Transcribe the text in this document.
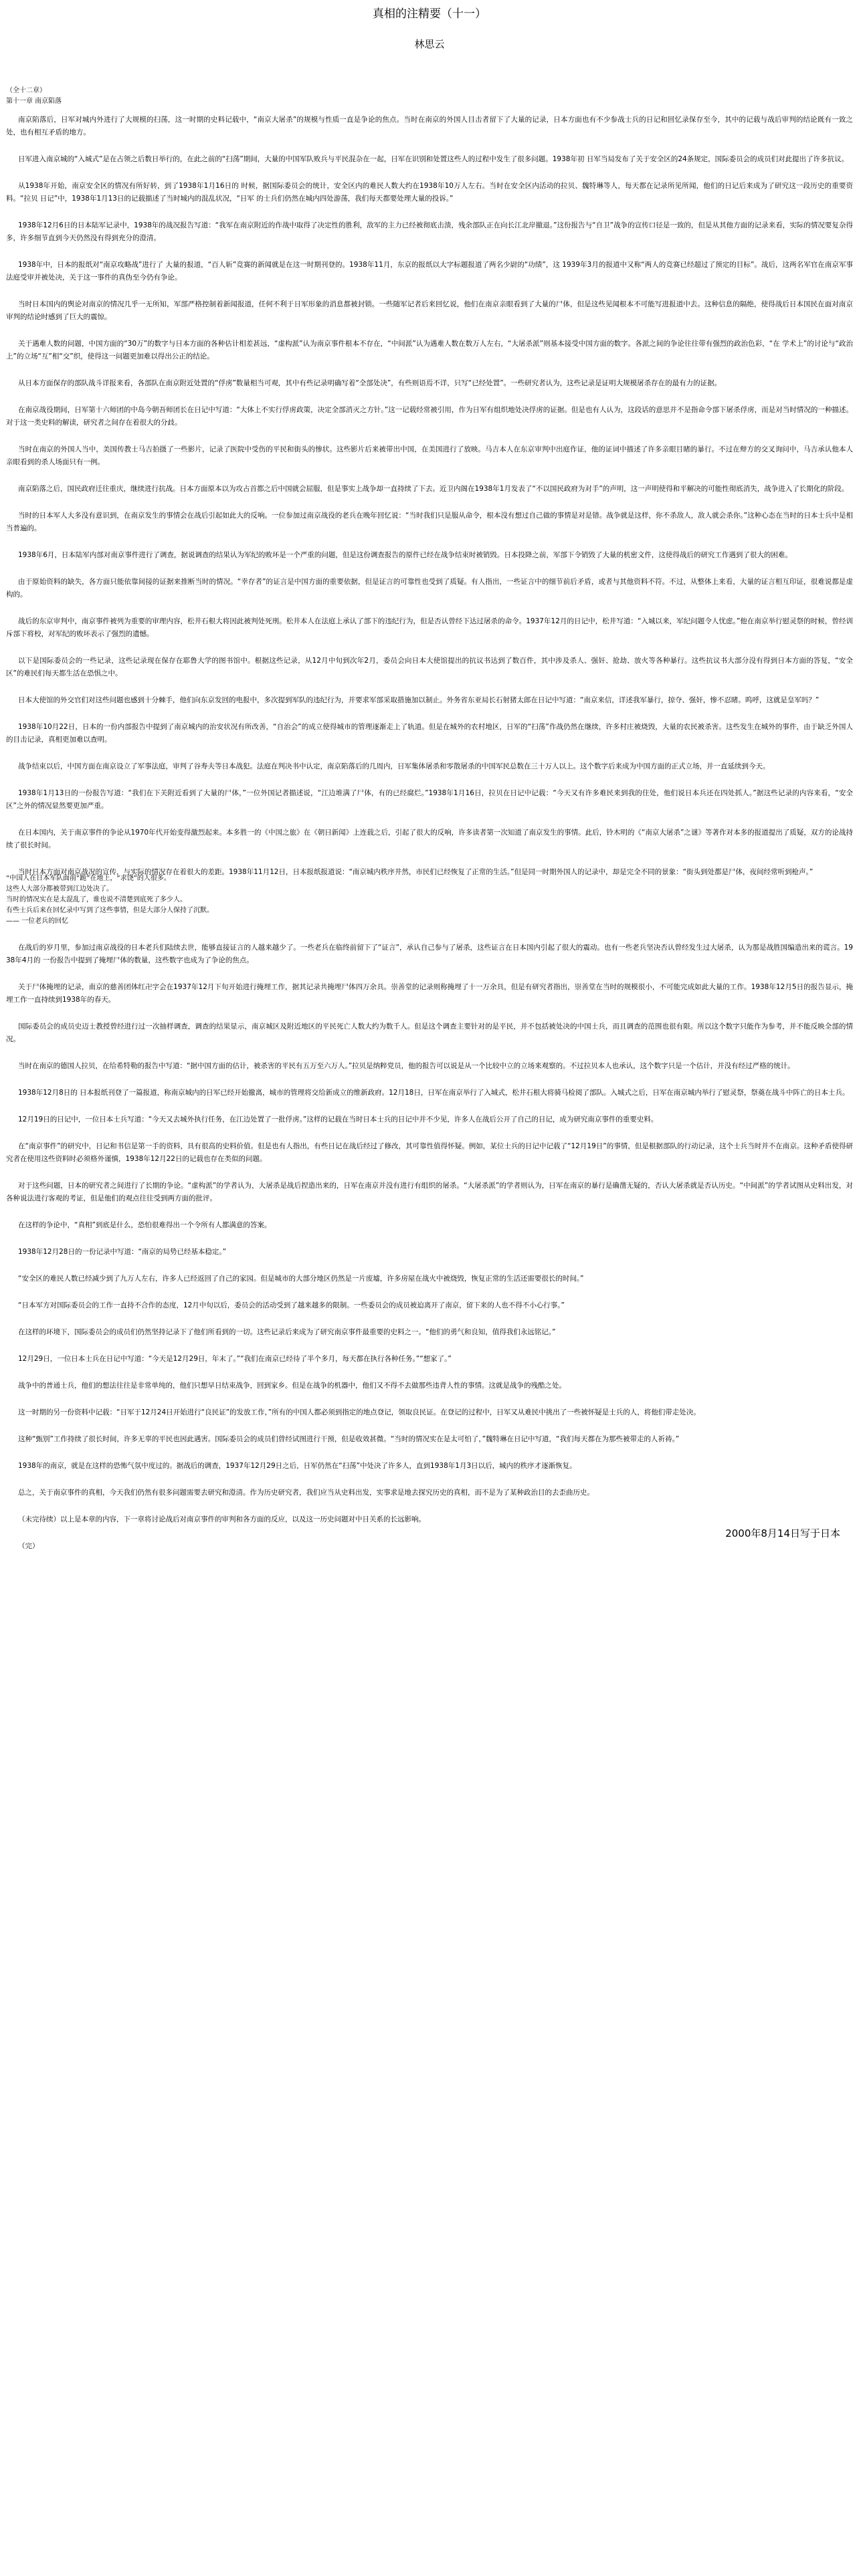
真相的注精要（十一）
林思云
（全十二章）
第十一章 南京陷落

南京陷落后，日军对城内外进行了大规模的扫荡，这一时期的史料记载中，“南京大屠杀”的规模与性质一直是争论的焦点。当时在南京的外国人目击者留下了大量的记录，日本方面也有不少参战士兵的日记和回忆录保存至今，其中的记载与战后审判的结论既有一致之处，也有相互矛盾的地方。

日军进入南京城的“入城式”是在占领之后数日举行的，在此之前的“扫荡”期间，大量的中国军队败兵与平民混杂在一起，日军在识别和处置这些人的过程中发生了很多问题。1938年初 日军当局发布了关于安全区的24条规定，国际委员会的成员们对此提出了许多抗议。

从1938年开始，南京安全区的情况有所好转，到了1938年1月16日的 时候，据国际委员会的统计，安全区内的难民人数大约在1938年10万人左右。当时在安全区内活动的拉贝、魏特琳等人，每天都在记录所见所闻，他们的日记后来成为了研究这一段历史的重要资料。“拉贝 日记”中，1938年1月13日的记载描述了当时城内的混乱状况，“日军 的士兵们仍然在城内四处游荡，我们每天都要处理大量的投诉。”

1938年12月6日的日本陆军记录中，1938年的战况报告写道：“我军在南京附近的作战中取得了决定性的胜利，敌军的主力已经被彻底击溃，残余部队正在向长江北岸撤退。”这份报告与“自卫”战争的宣传口径是一致的，但是从其他方面的记录来看，实际的情况要复杂得多，许多细节直到今天仍然没有得到充分的澄清。

1938年中，日本的报纸对“南京攻略战”进行了 大量的报道，“百人斩”竞赛的新闻就是在这一时期刊登的。1938年11月，东京的报纸以大字标题报道了两名少尉的“功绩”，这 1939年3月的报道中又称“两人的竞赛已经超过了预定的目标”。战后，这两名军官在南京军事法庭受审并被处决，关于这一事件的真伪至今仍有争论。

当时日本国内的舆论对南京的情况几乎一无所知，军部严格控制着新闻报道，任何不利于日军形象的消息都被封锁。一些随军记者后来回忆说，他们在南京亲眼看到了大量的尸体，但是这些见闻根本不可能写进报道中去。这种信息的隔绝，使得战后日本国民在面对南京审判的结论时感到了巨大的震惊。

关于遇难人数的问题，中国方面的“30万”的数字与日本方面的各种估计相差甚远，“虚构派”认为南京事件根本不存在，“中间派”认为遇难人数在数万人左右，“大屠杀派”则基本接受中国方面的数字。各派之间的争论往往带有强烈的政治色彩，“在 学术上”的讨论与“政治上”的立场“互”相“交”织，使得这一问题更加难以得出公正的结论。

从日本方面保存的部队战斗详报来看，各部队在南京附近处置的“俘虏”数量相当可观，其中有些记录明确写着“全部处决”，有些则语焉不详，只写“已经处置”。一些研究者认为，这些记录是证明大规模屠杀存在的最有力的证据。

在南京战役期间，日军第十六师团的中岛今朝吾师团长在日记中写道：“大体上不实行俘虏政策，决定全部消灭之方针。”这一记载经常被引用，作为日军有组织地处决俘虏的证据。但是也有人认为，这段话的意思并不是指命令部下屠杀俘虏，而是对当时情况的一种描述。对于这一类史料的解读，研究者之间存在着很大的分歧。

当时在南京的外国人当中，美国传教士马吉拍摄了一些影片，记录了医院中受伤的平民和街头的惨状。这些影片后来被带出中国，在美国进行了放映。马吉本人在东京审判中出庭作证，他的证词中描述了许多亲眼目睹的暴行。不过在辩方的交叉询问中，马吉承认他本人亲眼看到的杀人场面只有一例。

南京陷落之后，国民政府迁往重庆，继续进行抗战。日本方面原本以为攻占首都之后中国就会屈服，但是事实上战争却一直持续了下去。近卫内阁在1938年1月发表了“不以国民政府为对手”的声明，这一声明使得和平解决的可能性彻底消失，战争进入了长期化的阶段。

当时的日本军人大多没有意识到，在南京发生的事情会在战后引起如此大的反响。一位参加过南京战役的老兵在晚年回忆说：“当时我们只是服从命令，根本没有想过自己做的事情是对是错。战争就是这样，你不杀敌人，敌人就会杀你。”这种心态在当时的日本士兵中是相当普遍的。

1938年6月，日本陆军内部对南京事件进行了调查，据说调查的结果认为军纪的败坏是一个严重的问题，但是这份调查报告的原件已经在战争结束时被销毁。日本投降之前，军部下令销毁了大量的机密文件，这使得战后的研究工作遇到了很大的困难。

由于原始资料的缺失，各方面只能依靠间接的证据来推断当时的情况。“幸存者”的证言是中国方面的重要依据，但是证言的可靠性也受到了质疑。有人指出，一些证言中的细节前后矛盾，或者与其他资料不符。不过，从整体上来看，大量的证言相互印证，很难说都是虚构的。

战后的东京审判中，南京事件被列为重要的审理内容，松井石根大将因此被判处死刑。松井本人在法庭上承认了部下的违纪行为，但是否认曾经下达过屠杀的命令。1937年12月的日记中，松井写道：“入城以来，军纪问题令人忧虑。”他在南京举行慰灵祭的时候，曾经训斥部下将校，对军纪的败坏表示了强烈的遗憾。

以下是国际委员会的一些记录，这些记录现在保存在耶鲁大学的图书馆中。根据这些记录，从12月中旬到次年2月，委员会向日本大使馆提出的抗议书达到了数百件，其中涉及杀人、强奸、抢劫、放火等各种暴行。这些抗议书大部分没有得到日本方面的答复，“安全区”的难民们每天都生活在恐惧之中。

日本大使馆的外交官们对这些问题也感到十分棘手，他们向东京发回的电报中，多次提到军队的违纪行为，并要求军部采取措施加以制止。外务省东亚局长石射猪太郎在日记中写道：“南京来信，详述我军暴行，掠夺、强奸，惨不忍睹。呜呼，这就是皇军吗？”

1938年10月22日，日本的一份内部报告中提到了南京城内的治安状况有所改善，“自治会”的成立使得城市的管理逐渐走上了轨道。但是在城外的农村地区，日军的“扫荡”作战仍然在继续，许多村庄被烧毁，大量的农民被杀害。这些发生在城外的事件，由于缺乏外国人的目击记录，真相更加难以查明。

战争结束以后，中国方面在南京设立了军事法庭，审判了谷寿夫等日本战犯。法庭在判决书中认定，南京陷落后的几周内，日军集体屠杀和零散屠杀的中国军民总数在三十万人以上。这个数字后来成为中国方面的正式立场，并一直延续到今天。

1938年1月13日的一份报告写道：“我们在下关附近看到了大量的尸体，”一位外国记者描述说，“江边堆满了尸体，有的已经腐烂。”1938年1月16日，拉贝在日记中记载：“今天又有许多难民来到我的住处，他们说日本兵还在四处抓人。”据这些记录的内容来看，“安全区”之外的情况显然要更加严重。

在日本国内，关于南京事件的争论从1970年代开始变得激烈起来。本多胜一的《中国之旅》在《朝日新闻》上连载之后，引起了很大的反响，许多读者第一次知道了南京发生的事情。此后，铃木明的《“南京大屠杀”之谜》等著作对本多的报道提出了质疑，双方的论战持续了很长时间。

当时日本方面对南京战况的宣传，与实际的情况存在着很大的差距。1938年11月12日，日本报纸报道说：“南京城内秩序井然，市民们已经恢复了正常的生活。”但是同一时期外国人的记录中，却是完全不同的景象：“街头到处都是尸体，夜间经常听到枪声。”

“中国人在日本军队面前“跪”在地上，“求饶”的人很多。
这些人大部分都被带到江边处决了。
当时的情况实在是太混乱了，谁也说不清楚到底死了多少人。
有些士兵后来在回忆录中写到了这些事情，但是大部分人保持了沉默。
—— 一位老兵的回忆

在战后的岁月里，参加过南京战役的日本老兵们陆续去世，能够直接证言的人越来越少了。一些老兵在临终前留下了“证言”，承认自己参与了屠杀，这些证言在日本国内引起了很大的震动。也有一些老兵坚决否认曾经发生过大屠杀，认为那是战胜国编造出来的谎言。1938年4月的 一份报告中提到了掩埋尸体的数量，这些数字也成为了争论的焦点。

关于尸体掩埋的记录，南京的慈善团体红卍字会在1937年12月下旬开始进行掩埋工作，据其记录共掩埋尸体四万余具。崇善堂的记录则称掩埋了十一万余具，但是有研究者指出，崇善堂在当时的规模很小，不可能完成如此大量的工作。1938年12月5日的报告显示，掩埋工作一直持续到1938年的春天。

国际委员会的成员史迈士教授曾经进行过一次抽样调查，调查的结果显示，南京城区及附近地区的平民死亡人数大约为数千人。但是这个调查主要针对的是平民，并不包括被处决的中国士兵，而且调查的范围也很有限。所以这个数字只能作为参考，并不能反映全部的情况。

当时在南京的德国人拉贝，在给希特勒的报告中写道：“据中国方面的估计，被杀害的平民有五万至六万人。”拉贝是纳粹党员，他的报告可以说是从一个比较中立的立场来观察的。不过拉贝本人也承认，这个数字只是一个估计，并没有经过严格的统计。

1938年12月8日的 日本报纸刊登了一篇报道，称南京城内的日军已经开始撤离，城市的管理将交给新成立的维新政府。12月18日，日军在南京举行了入城式，松井石根大将骑马检阅了部队。入城式之后，日军在南京城内举行了慰灵祭，祭奠在战斗中阵亡的日本士兵。

12月19日的日记中，一位日本士兵写道：“今天又去城外执行任务，在江边处置了一批俘虏。”这样的记载在当时日本士兵的日记中并不少见，许多人在战后公开了自己的日记，成为研究南京事件的重要史料。

在“南京事件”的研究中，日记和书信是第一手的资料，具有很高的史料价值。但是也有人指出，有些日记在战后经过了修改，其可靠性值得怀疑。例如，某位士兵的日记中记载了“12月19日”的事情，但是根据部队的行动记录，这个士兵当时并不在南京。这种矛盾使得研究者在使用这些资料时必须格外谨慎，1938年12月22日的记载也存在类似的问题。

对于这些问题，日本的研究者之间进行了长期的争论。“虚构派”的学者认为，大屠杀是战后捏造出来的，日军在南京并没有进行有组织的屠杀。“大屠杀派”的学者则认为，日军在南京的暴行是确凿无疑的，否认大屠杀就是否认历史。“中间派”的学者试图从史料出发，对各种说法进行客观的考证，但是他们的观点往往受到两方面的批评。

在这样的争论中，“真相”到底是什么，恐怕很难得出一个令所有人都满意的答案。

1938年12月28日的一份记录中写道：“南京的局势已经基本稳定。”

“安全区的难民人数已经减少到了九万人左右，许多人已经返回了自己的家园。但是城市的大部分地区仍然是一片废墟，许多房屋在战火中被烧毁，恢复正常的生活还需要很长的时间。”

“日本军方对国际委员会的工作一直持不合作的态度，12月中旬以后，委员会的活动受到了越来越多的限制。一些委员会的成员被迫离开了南京，留下来的人也不得不小心行事。”

在这样的环境下，国际委员会的成员们仍然坚持记录下了他们所看到的一切。这些记录后来成为了研究南京事件最重要的史料之一。“他们的勇气和良知，值得我们永远铭记。”

12月29日，一位日本士兵在日记中写道：“今天是12月29日，年末了。”“我们在南京已经待了半个多月，每天都在执行各种任务。”“想家了。”

战争中的普通士兵，他们的想法往往是非常单纯的，他们只想早日结束战争，回到家乡。但是在战争的机器中，他们又不得不去做那些违背人性的事情。这就是战争的残酷之处。

这一时期的另一份资料中记载：“日军于12月24日开始进行“良民证”的发放工作，”所有的中国人都必须到指定的地点登记，领取良民证。在登记的过程中，日军又从难民中挑出了一些被怀疑是士兵的人，将他们带走处决。

这种“甄别”工作持续了很长时间，许多无辜的平民也因此遇害。国际委员会的成员们曾经试图进行干预，但是收效甚微。“当时的情况实在是太可怕了，”魏特琳在日记中写道，“我们每天都在为那些被带走的人祈祷。”

1938年的南京，就是在这样的恐怖气氛中度过的。据战后的调查，1937年12月29日之后，日军仍然在“扫荡”中处决了许多人，直到1938年1月3日以后，城内的秩序才逐渐恢复。

总之，关于南京事件的真相，今天我们仍然有很多问题需要去研究和澄清。作为历史研究者，我们应当从史料出发，实事求是地去探究历史的真相，而不是为了某种政治目的去歪曲历史。

（未完待续）以上是本章的内容，下一章将讨论战后对南京事件的审判和各方面的反应，以及这一历史问题对中日关系的长远影响。

（完）

2000年8月14日写于日本
